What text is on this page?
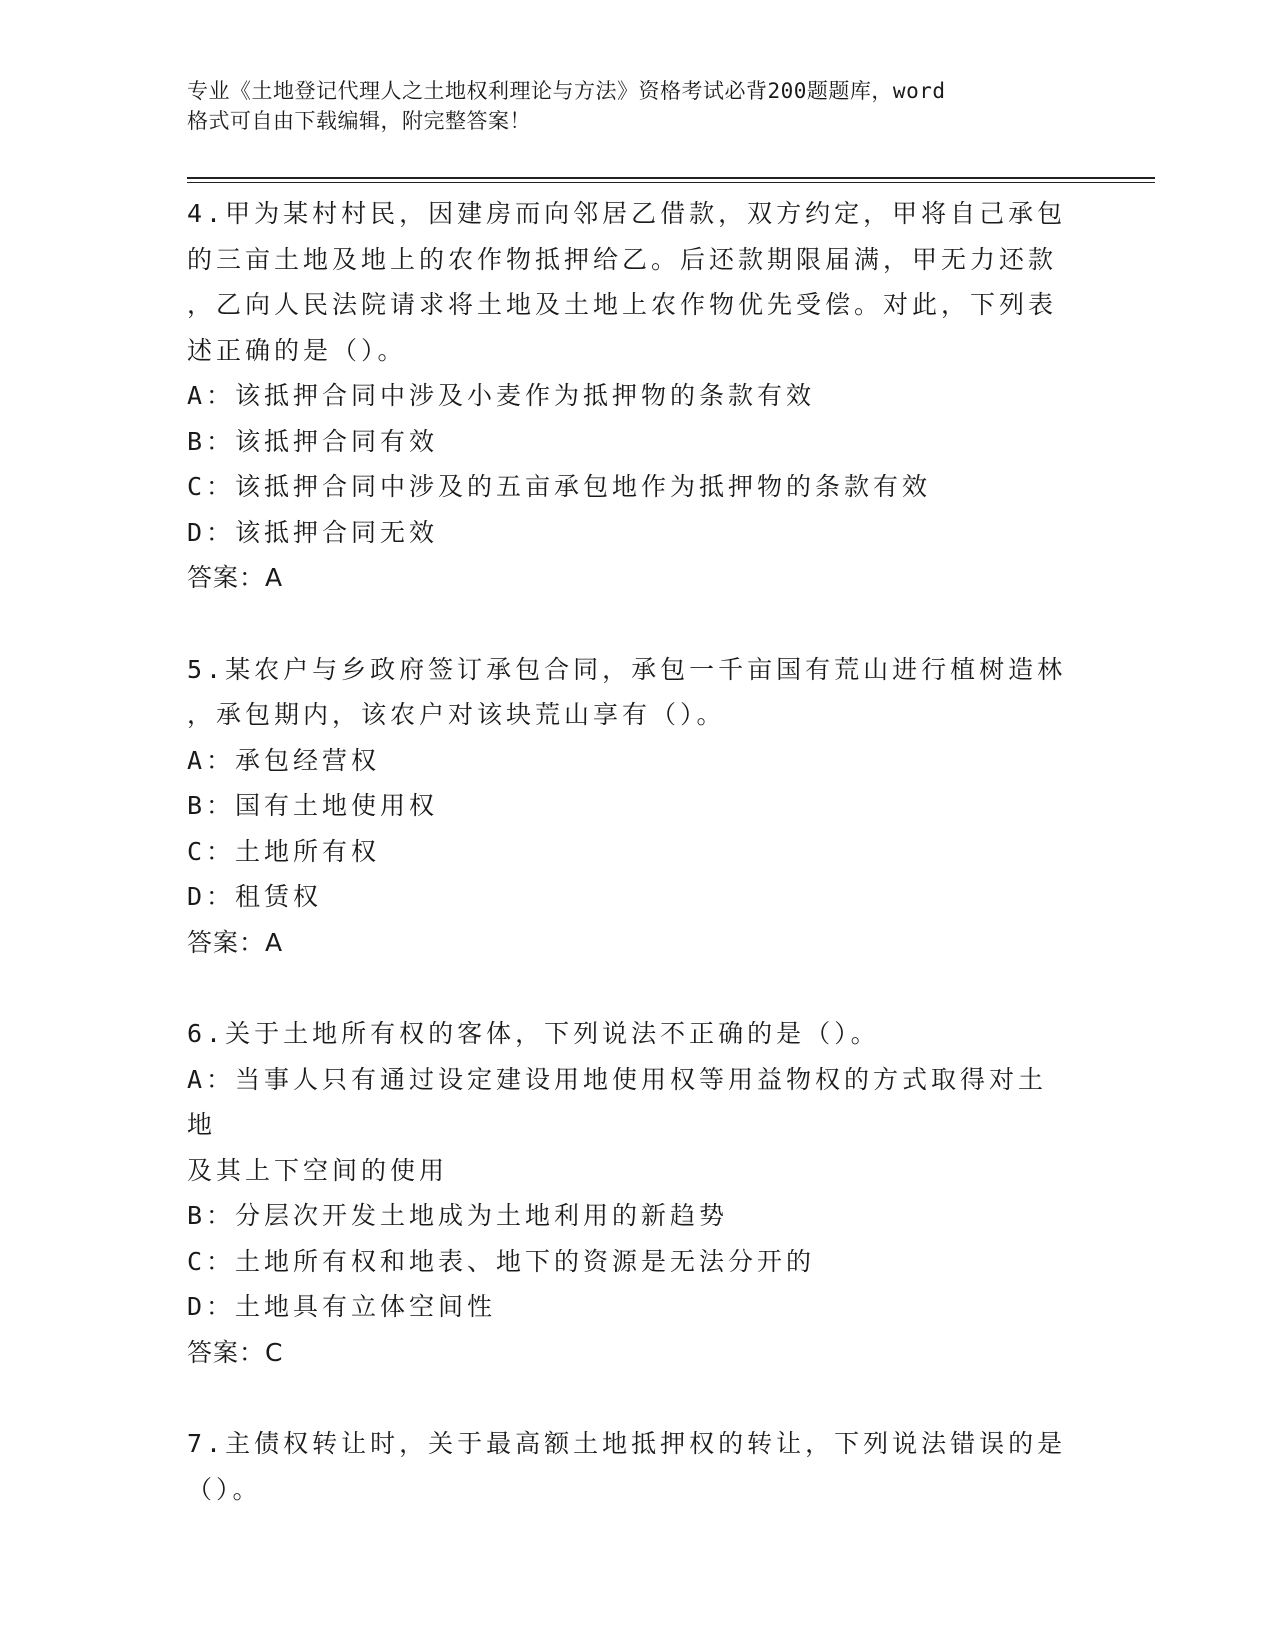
专业《土地登记代理人之土地权利理论与方法》资格考试必背200题题库，word
格式可自由下载编辑，附完整答案！
4.甲为某村村民，因建房而向邻居乙借款，双方约定，甲将自己承包
的三亩土地及地上的农作物抵押给乙。后还款期限届满，甲无力还款
，乙向人民法院请求将土地及土地上农作物优先受偿。对此，下列表
述正确的是（）。
A：该抵押合同中涉及小麦作为抵押物的条款有效
B：该抵押合同有效
C：该抵押合同中涉及的五亩承包地作为抵押物的条款有效
D：该抵押合同无效
答案：A
5.某农户与乡政府签订承包合同，承包一千亩国有荒山进行植树造林
，承包期内，该农户对该块荒山享有（）。
A：承包经营权
B：国有土地使用权
C：土地所有权
D：租赁权
答案：A
6.关于土地所有权的客体，下列说法不正确的是（）。
A：当事人只有通过设定建设用地使用权等用益物权的方式取得对土地
及其上下空间的使用
B：分层次开发土地成为土地利用的新趋势
C：土地所有权和地表、地下的资源是无法分开的
D：土地具有立体空间性
答案：C
7.主债权转让时，关于最高额土地抵押权的转让，下列说法错误的是
（）。
